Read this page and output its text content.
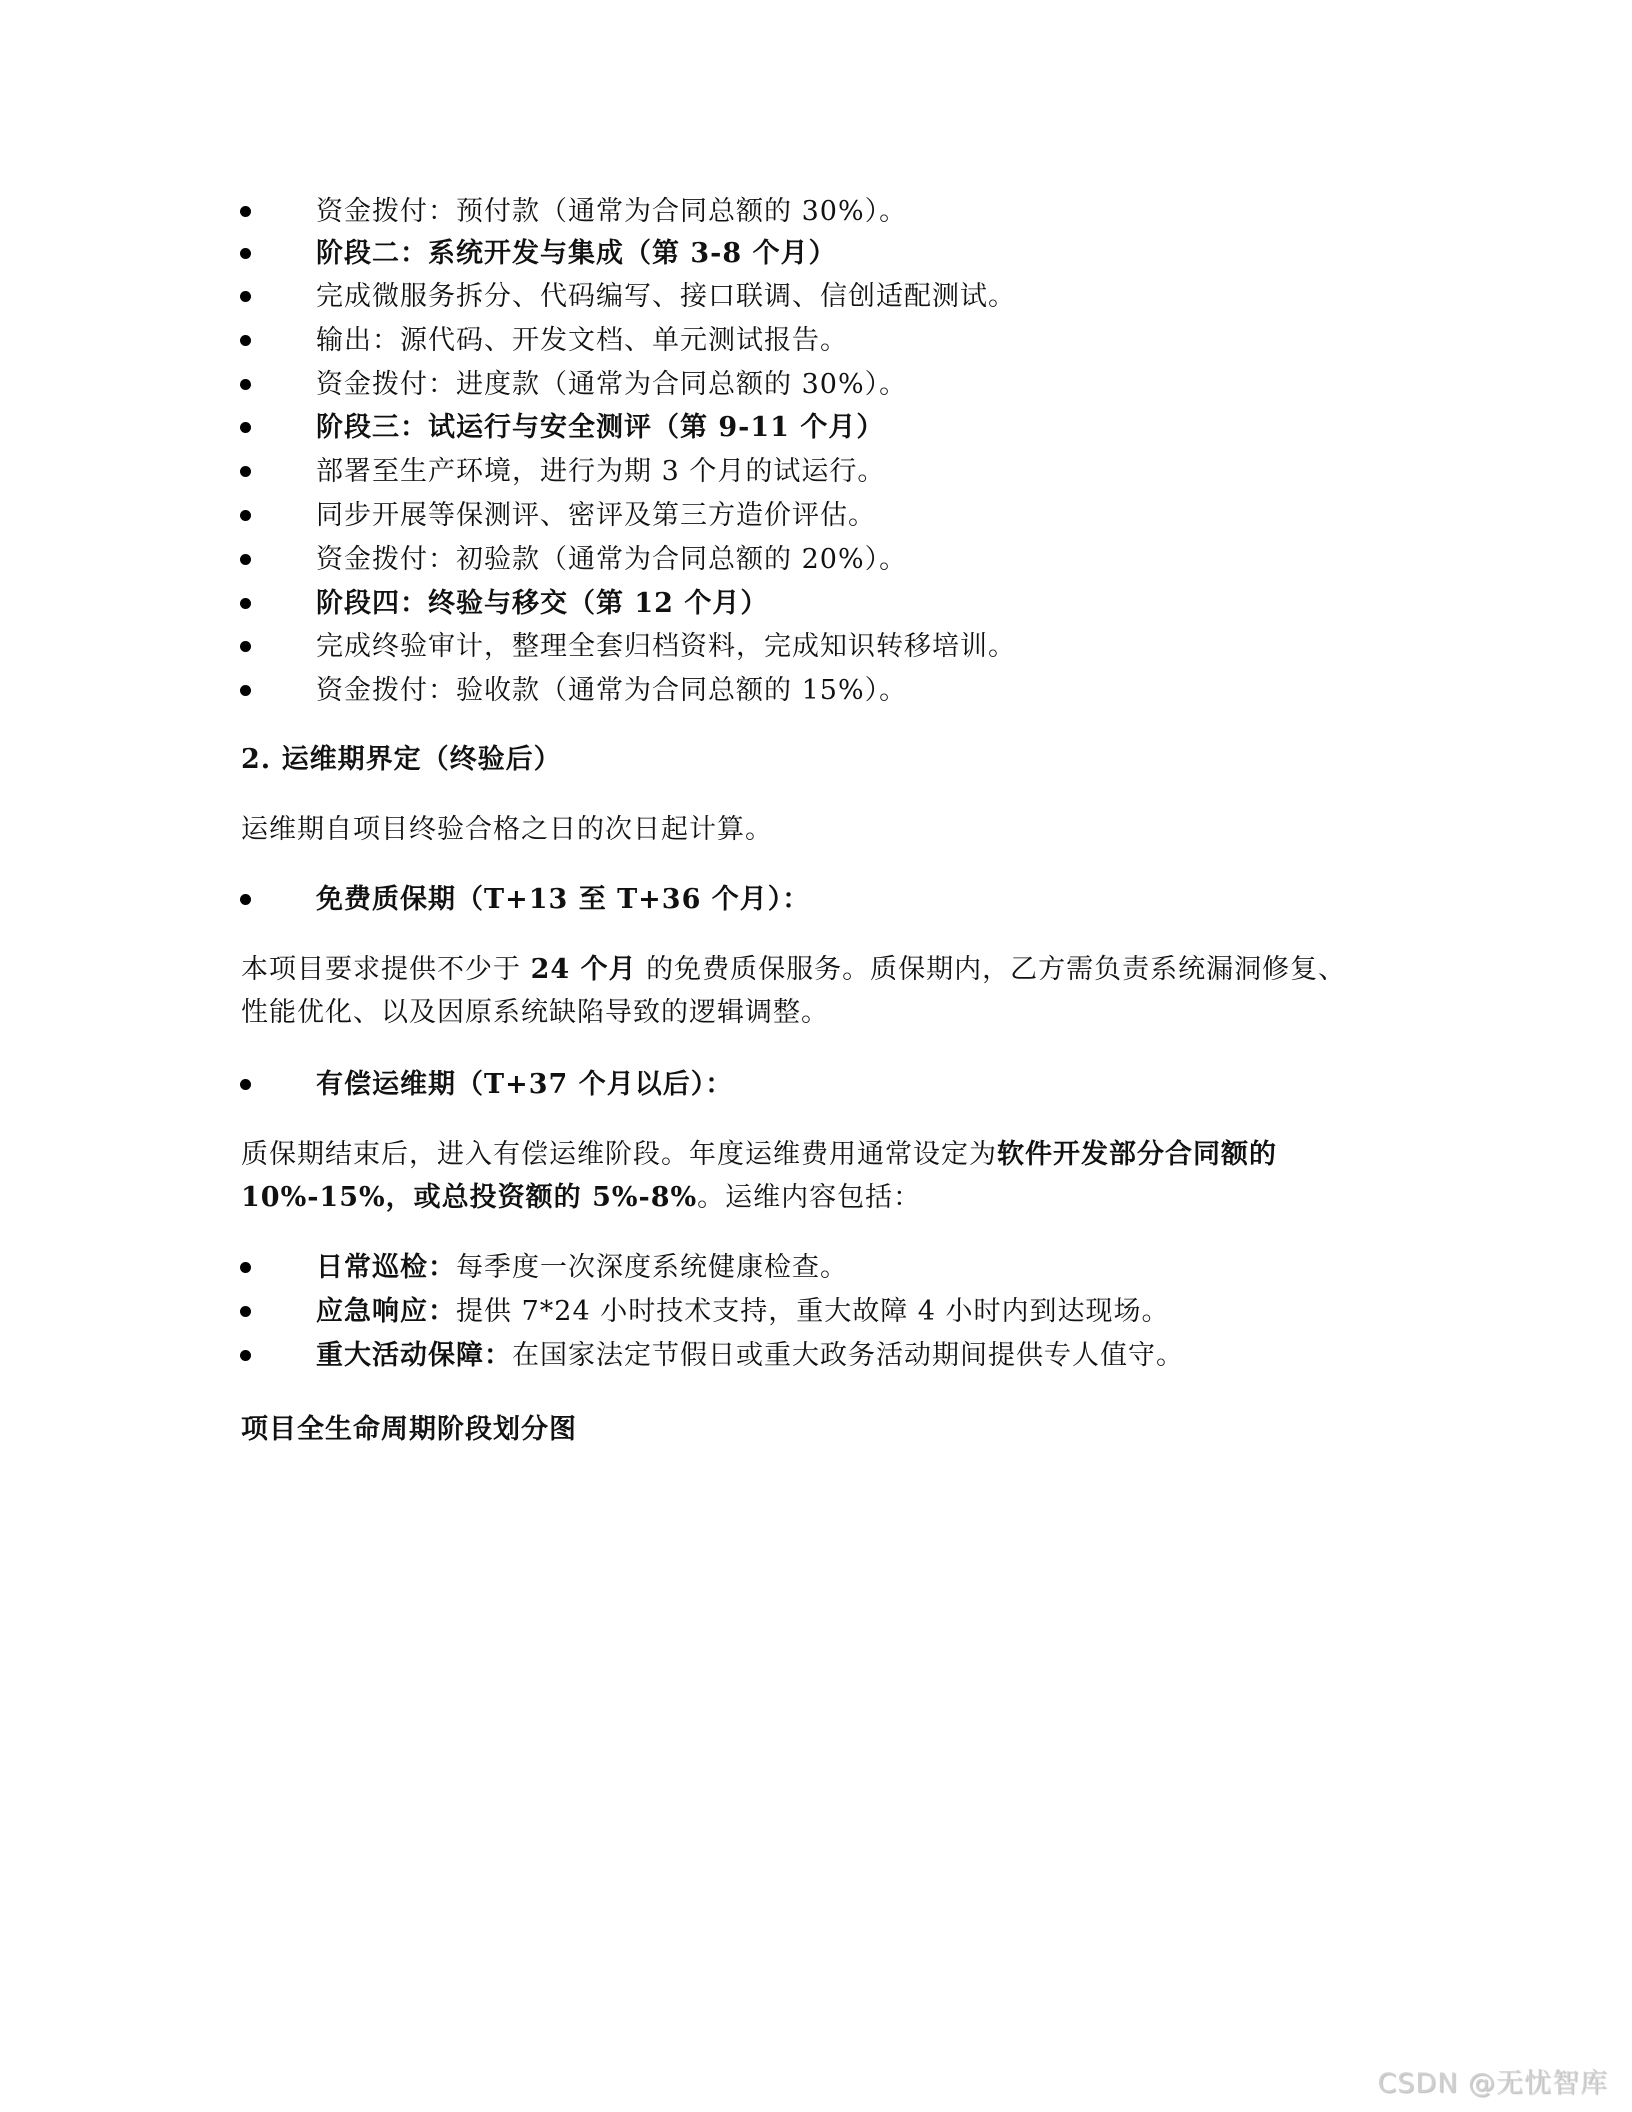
资金拨付：预付款（通常为合同总额的 30%）。
阶段二：系统开发与集成（第 3-8 个月）
完成微服务拆分、代码编写、接口联调、信创适配测试。
输出：源代码、开发文档、单元测试报告。
资金拨付：进度款（通常为合同总额的 30%）。
阶段三：试运行与安全测评（第 9-11 个月）
部署至生产环境，进行为期 3 个月的试运行。
同步开展等保测评、密评及第三方造价评估。
资金拨付：初验款（通常为合同总额的 20%）。
阶段四：终验与移交（第 12 个月）
完成终验审计，整理全套归档资料，完成知识转移培训。
资金拨付：验收款（通常为合同总额的 15%）。
2. 运维期界定（终验后）
运维期自项目终验合格之日的次日起计算。
免费质保期（T+13 至 T+36 个月）：
本项目要求提供不少于 24 个月 的免费质保服务。质保期内，乙方需负责系统漏洞修复、
性能优化、以及因原系统缺陷导致的逻辑调整。
有偿运维期（T+37 个月以后）：
质保期结束后，进入有偿运维阶段。年度运维费用通常设定为软件开发部分合同额的
10%-15%，或总投资额的 5%-8%。运维内容包括：
日常巡检：每季度一次深度系统健康检查。
应急响应：提供 7*24 小时技术支持，重大故障 4 小时内到达现场。
重大活动保障：在国家法定节假日或重大政务活动期间提供专人值守。
项目全生命周期阶段划分图
CSDN @无忧智库
